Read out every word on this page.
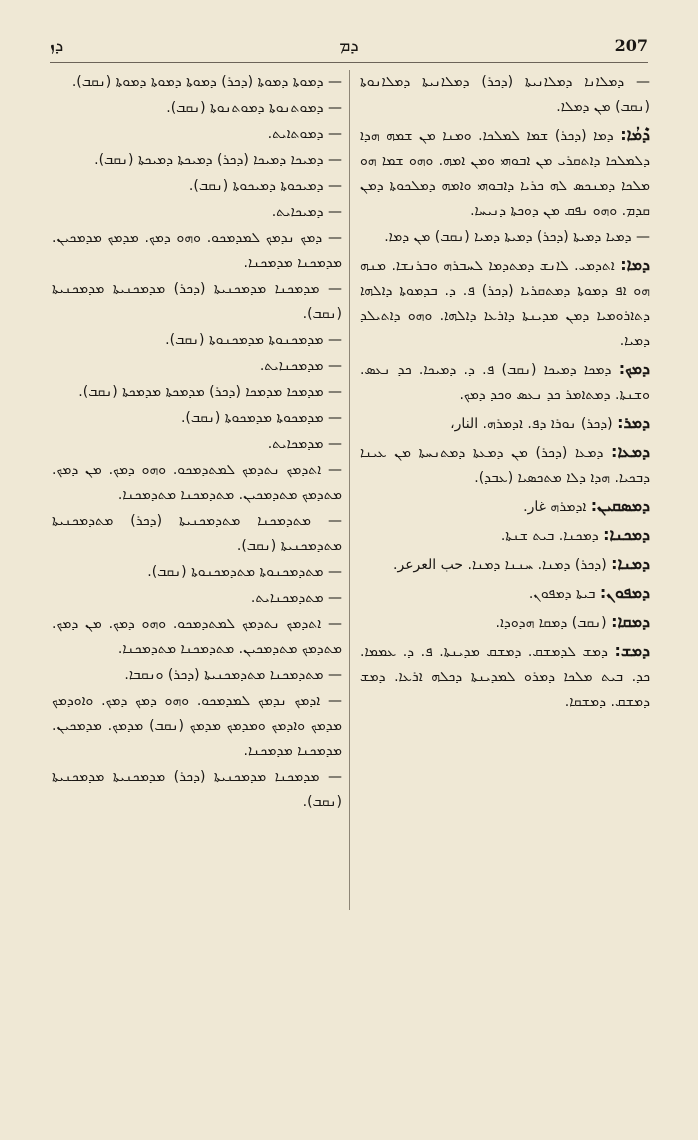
ܕܙ	ܕܡ	207
— ܕܡܠܐܢܐ ܕܡܠܐܢܝܬܐ (ܕܟܪ) ܕܡܠܐܢܝܬܐ ܕܡܠܐܢܘܬܐ (ܢܩܒ) ܡܢ ܕܡܠܐ.
ܕܶܡܳܐ: ܕܡܐ (ܕܟܪ) ܫܡܐ ܠܡܠܟܐ. ܘܡܢܐ ܡܢ ܫܡܗ ܗܕܐ ܕܠܡܠܟܐ ܕܐܬܩܪܝ ܡܢ ܐܒܘܗܝ ܘܡܢ ܐܡܗ. ܘܗܘ ܫܡܐ ܗܘ ܡܠܟܐ ܕܡܢܟܣ ܠܗ ܟܪܝܐ ܕܐܒܘܗܝ ܘܐܡܗ ܕܡܠܟܘܬܐ ܕܡܢ ܩܕܡ. ܘܗܘ ܢܦܩ ܡܢ ܕܘܟܬܐ ܕܢܝܚܐ.
— ܕܡܝܐ ܕܡܝܬܐ (ܕܟܪ) ܕܡܝܬܐ ܕܡܝܐ (ܢܩܒ) ܡܢ ܕܡܐ.
ܕܡܐ: ܐܬܕܡܝ. ܠܐܢܫ ܕܡܬܕܡܐ ܠܚܒܪܗ ܘܒܪܢܫܐ. ܡܢܗ ܗܘ ܐܦ ܕܡܘܬܐ ܕܡܬܩܪܝܐ (ܕܟܪ) ܦ. ܕ. ܒܕܡܘܬܐ ܕܐܠܗܐ ܕܬܐܪܘܡܝܐ ܕܡܢ ܡܕܝܢܬܐ ܕܐܪܥܐ ܕܐܠܗܐ. ܘܗܘ ܕܐܬܝܠܕ ܕܡܝܐ.
ܕܡܟ: ܕܡܟܐ ܕܡܝܟܐ (ܢܩܒ) ܦ. ܕ. ܕܡܝܟܐ. ܟܕ ܢܥܣ. ܘܫܢܬܐ. ܕܡܬܐܡܪ ܟܕ ܢܥܣ ܘܟܕ ܕܡܟ.
ܕܡܪ: (ܕܟܪ) ܢܘܪܐ ܕܦ. ܐܕܡܪܗ. النار،
ܕܡܥܐ: ܕܡܥܐ (ܕܟܪ) ܡܢ ܕܡܥܬܐ ܕܡܬܢܚܬܐ ܡܢ ܥܝܢܐ ܕܒܟܝܐ. ܗܕܐ ܕܠܐ ܡܬܟܣܝܐ (ܥܒܕ).
ܕܡܣܩܝܢ: ܐܕܡܪܗ غار.
ܕܡܟܢܐ: ܕܡܟܢܐ. ܒܝܬ ܫܢܬܐ.
ܕܡܢܐ: (ܕܟܪ) ܕܡܢܐ. ܚܢܢܐ ܕܡܢܐ. حب العرعر.
ܕܡܦܘܢ: ܒܝܬܐ ܕܡܦܘܢ.
ܕܡܩܐ: (ܢܩܒ) ܕܡܩܐ ܗܕܘܕܐ.
ܕܡܫ: ܕܡܫ ܠܕܡܫܩ. ܕܡܫܩ ܡܕܝܢܬܐ. ܦ. ܕ. ܥܡܡܐ. ܟܕ. ܒܝܬ ܡܠܟܐ ܕܡܪܘ ܠܡܕܝܢܬܐ ܕܟܠܗ ܐܪܥܐ. ܕܡܫ ܕܡܫܩ. ܕܡܫܩܐ.
— ܕܡܘܬܐ ܕܡܘܬܐ (ܕܟܪ) ܕܡܘܬܐ ܕܡܘܬܐ ܕܡܘܬܐ (ܢܩܒ).
— ܕܡܘܬܢܘܬܐ ܕܡܘܬܢܘܬܐ (ܢܩܒ).
— ܕܡܘܬܐܝܬ.
— ܕܡܝܟܐ ܕܡܝܟܐ (ܕܟܪ) ܕܡܝܟܬܐ ܕܡܝܟܬܐ (ܢܩܒ).
— ܕܡܝܟܘܬܐ ܕܡܝܟܘܬܐ (ܢܩܒ).
— ܕܡܝܟܐܝܬ.
— ܕܡܟ ܢܕܡܟ ܠܡܕܡܟܘ. ܘܗܘ ܕܡܟ. ܡܕܡܟ ܡܕܡܟܝܢ. ܡܕܡܟܢܐ ܡܕܡܟܢܐ.
— ܡܕܡܟܢܐ ܡܕܡܟܢܝܬܐ (ܕܟܪ) ܡܕܡܟܢܝܬܐ ܡܕܡܟܢܝܬܐ (ܢܩܒ).
— ܡܕܡܟܢܘܬܐ ܡܕܡܟܢܘܬܐ (ܢܩܒ).
— ܡܕܡܟܢܐܝܬ.
— ܡܕܡܟܐ ܡܕܡܟܐ (ܕܟܪ) ܡܕܡܟܬܐ ܡܕܡܟܬܐ (ܢܩܒ).
— ܡܕܡܟܘܬܐ ܡܕܡܟܘܬܐ (ܢܩܒ).
— ܡܕܡܟܐܝܬ.
— ܐܬܕܡܟ ܢܬܕܡܟ ܠܡܬܕܡܟܘ. ܘܗܘ ܕܡܟ. ܡܢ ܕܡܟ. ܡܬܕܡܟ ܡܬܕܡܟܝܢ. ܡܬܕܡܟܢܐ ܡܬܕܡܟܢܐ.
— ܡܬܕܡܟܢܐ ܡܬܕܡܟܢܝܬܐ (ܕܟܪ) ܡܬܕܡܟܢܝܬܐ ܡܬܕܡܟܢܝܬܐ (ܢܩܒ).
— ܡܬܕܡܟܢܘܬܐ ܡܬܕܡܟܢܘܬܐ (ܢܩܒ).
— ܡܬܕܡܟܢܐܝܬ.
— ܐܬܕܡܟ ܢܬܕܡܟ ܠܡܬܕܡܟܘ. ܘܗܘ ܕܡܟ. ܡܢ ܕܡܟ. ܡܬܕܡܟ ܡܬܕܡܟܝܢ. ܡܬܕܡܟܢܐ ܡܬܕܡܟܢܐ.
— ܡܬܕܡܟܢܐ ܡܬܕܡܟܢܝܬܐ (ܕܟܪ) ܘܢܩܒܐ.
— ܐܕܡܟ ܢܕܡܟ ܠܡܕܡܟܘ. ܘܗܘ ܕܡܟ ܕܡܟ. ܘܐܘܕܡܟ ܡܕܡܟ ܘܐܕܡܟ ܘܡܕܡܟ ܡܕܡܟ (ܢܩܒ) ܡܕܡܟ. ܡܕܡܟܝܢ. ܡܕܡܟܢܐ ܡܕܡܟܢܐ.
— ܡܕܡܟܢܐ ܡܕܡܟܢܝܬܐ (ܕܟܪ) ܡܕܡܟܢܝܬܐ ܡܕܡܟܢܝܬܐ (ܢܩܒ).
